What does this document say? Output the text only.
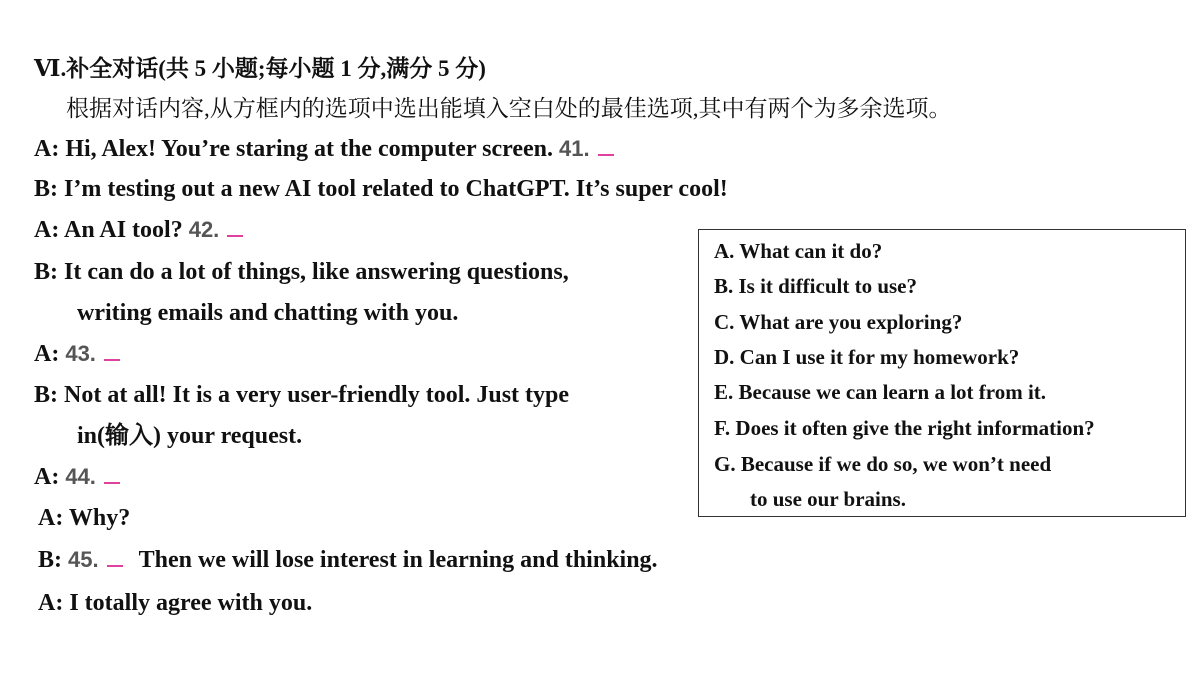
Ⅵ.补全对话(共 5 小题;每小题 1 分,满分 5 分)
根据对话内容,从方框内的选项中选出能填入空白处的最佳选项,其中有两个为多余选项。
A: Hi, Alex! You’re staring at the computer screen. 41.
B: I’m testing out a new AI tool related to ChatGPT. It’s super cool!
A: An AI tool? 42.
B: It can do a lot of things, like answering questions,
writing emails and chatting with you.
A: 43.
B: Not at all! It is a very user-friendly tool. Just type
in(输入) your request.
A: 44.
A: Why?
B: 45. Then we will lose interest in learning and thinking.
A: I totally agree with you.
A. What can it do?
B. Is it difficult to use?
C. What are you exploring?
D. Can I use it for my homework?
E. Because we can learn a lot from it.
F. Does it often give the right information?
G. Because if we do so, we won’t need
to use our brains.
